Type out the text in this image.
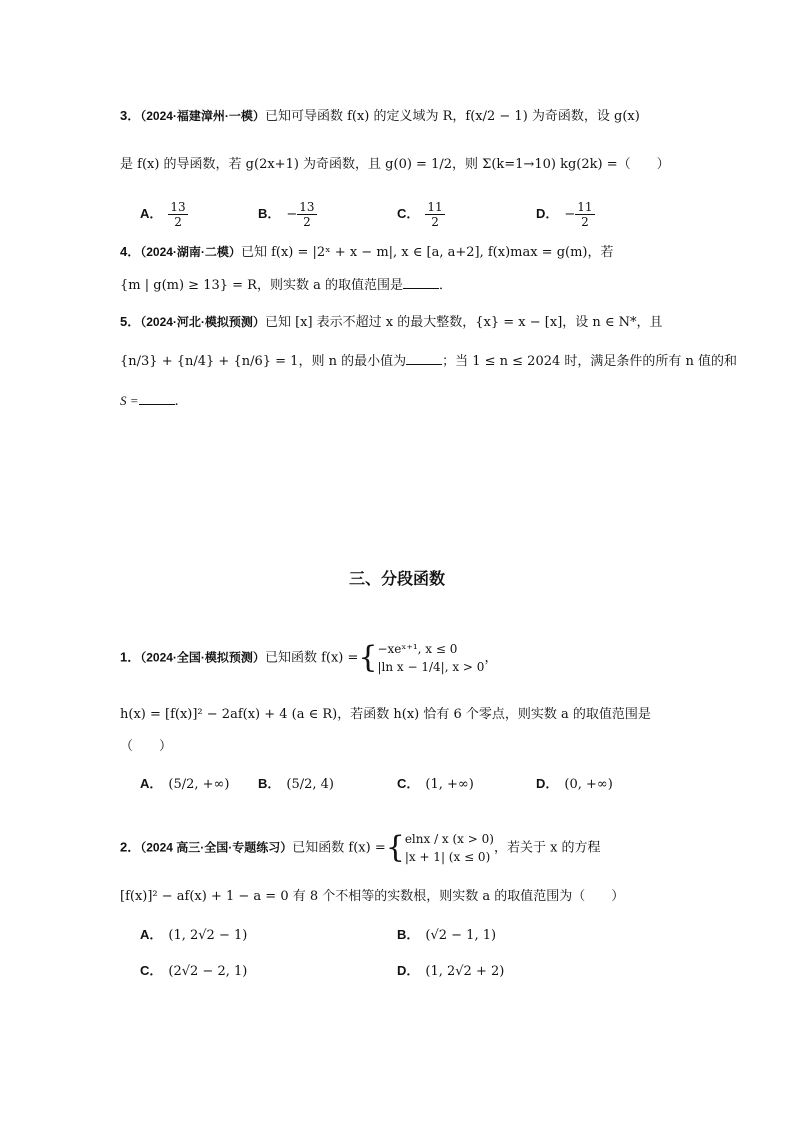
3．（2024·福建漳州·一模）已知可导函数 f(x) 的定义域为 R，f(x/2 − 1) 为奇函数，设 g(x)
是 f(x) 的导函数，若 g(2x+1) 为奇函数，且 g(0) = 1/2，则 Σ(k=1→10) kg(2k) =（　　）
A． $\frac{13}{2}$	B． − $\frac{13}{2}$	C． $\frac{11}{2}$	D． − $\frac{11}{2}$
4．（2024·湖南·二模）已知 f(x) = |2ˣ + x − m|, x ∈ [a, a+2], f(x)max = g(m)，若
{m | g(m) ≥ 13} = R，则实数 a 的取值范围是	．
5．（2024·河北·模拟预测）已知 [x] 表示不超过 x 的最大整数，{x} = x − [x]，设 n ∈ N*，且
{n/3} + {n/4} + {n/6} = 1，则 n 的最小值为	；当 1 ≤ n ≤ 2024 时，满足条件的所有 n 值的和
S =	.
三、分段函数
1．（2024·全国·模拟预测）已知函数 f(x) ={ −xeˣ⁺¹, x ≤ 0
|ln x − 1/4|, x > 0
，
h(x) = [f(x)]² − 2af(x) + 4 (a ∈ R)，若函数 h(x) 恰有 6 个零点，则实数 a 的取值范围是
（　　）
A． (5/2, +∞) B． (5/2, 4)	C． (1, +∞)	D． (0, +∞)
2．（2024 高三·全国·专题练习）已知函数 f(x) ={ elnx / x (x > 0)
|x + 1| (x ≤ 0)
，若关于 x 的方程
[f(x)]² − af(x) + 1 − a = 0 有 8 个不相等的实数根，则实数 a 的取值范围为（　　）
A． (1, 2√2 − 1)	B． (√2 − 1, 1)
C． (2√2 − 2, 1)	D． (1, 2√2 + 2)
